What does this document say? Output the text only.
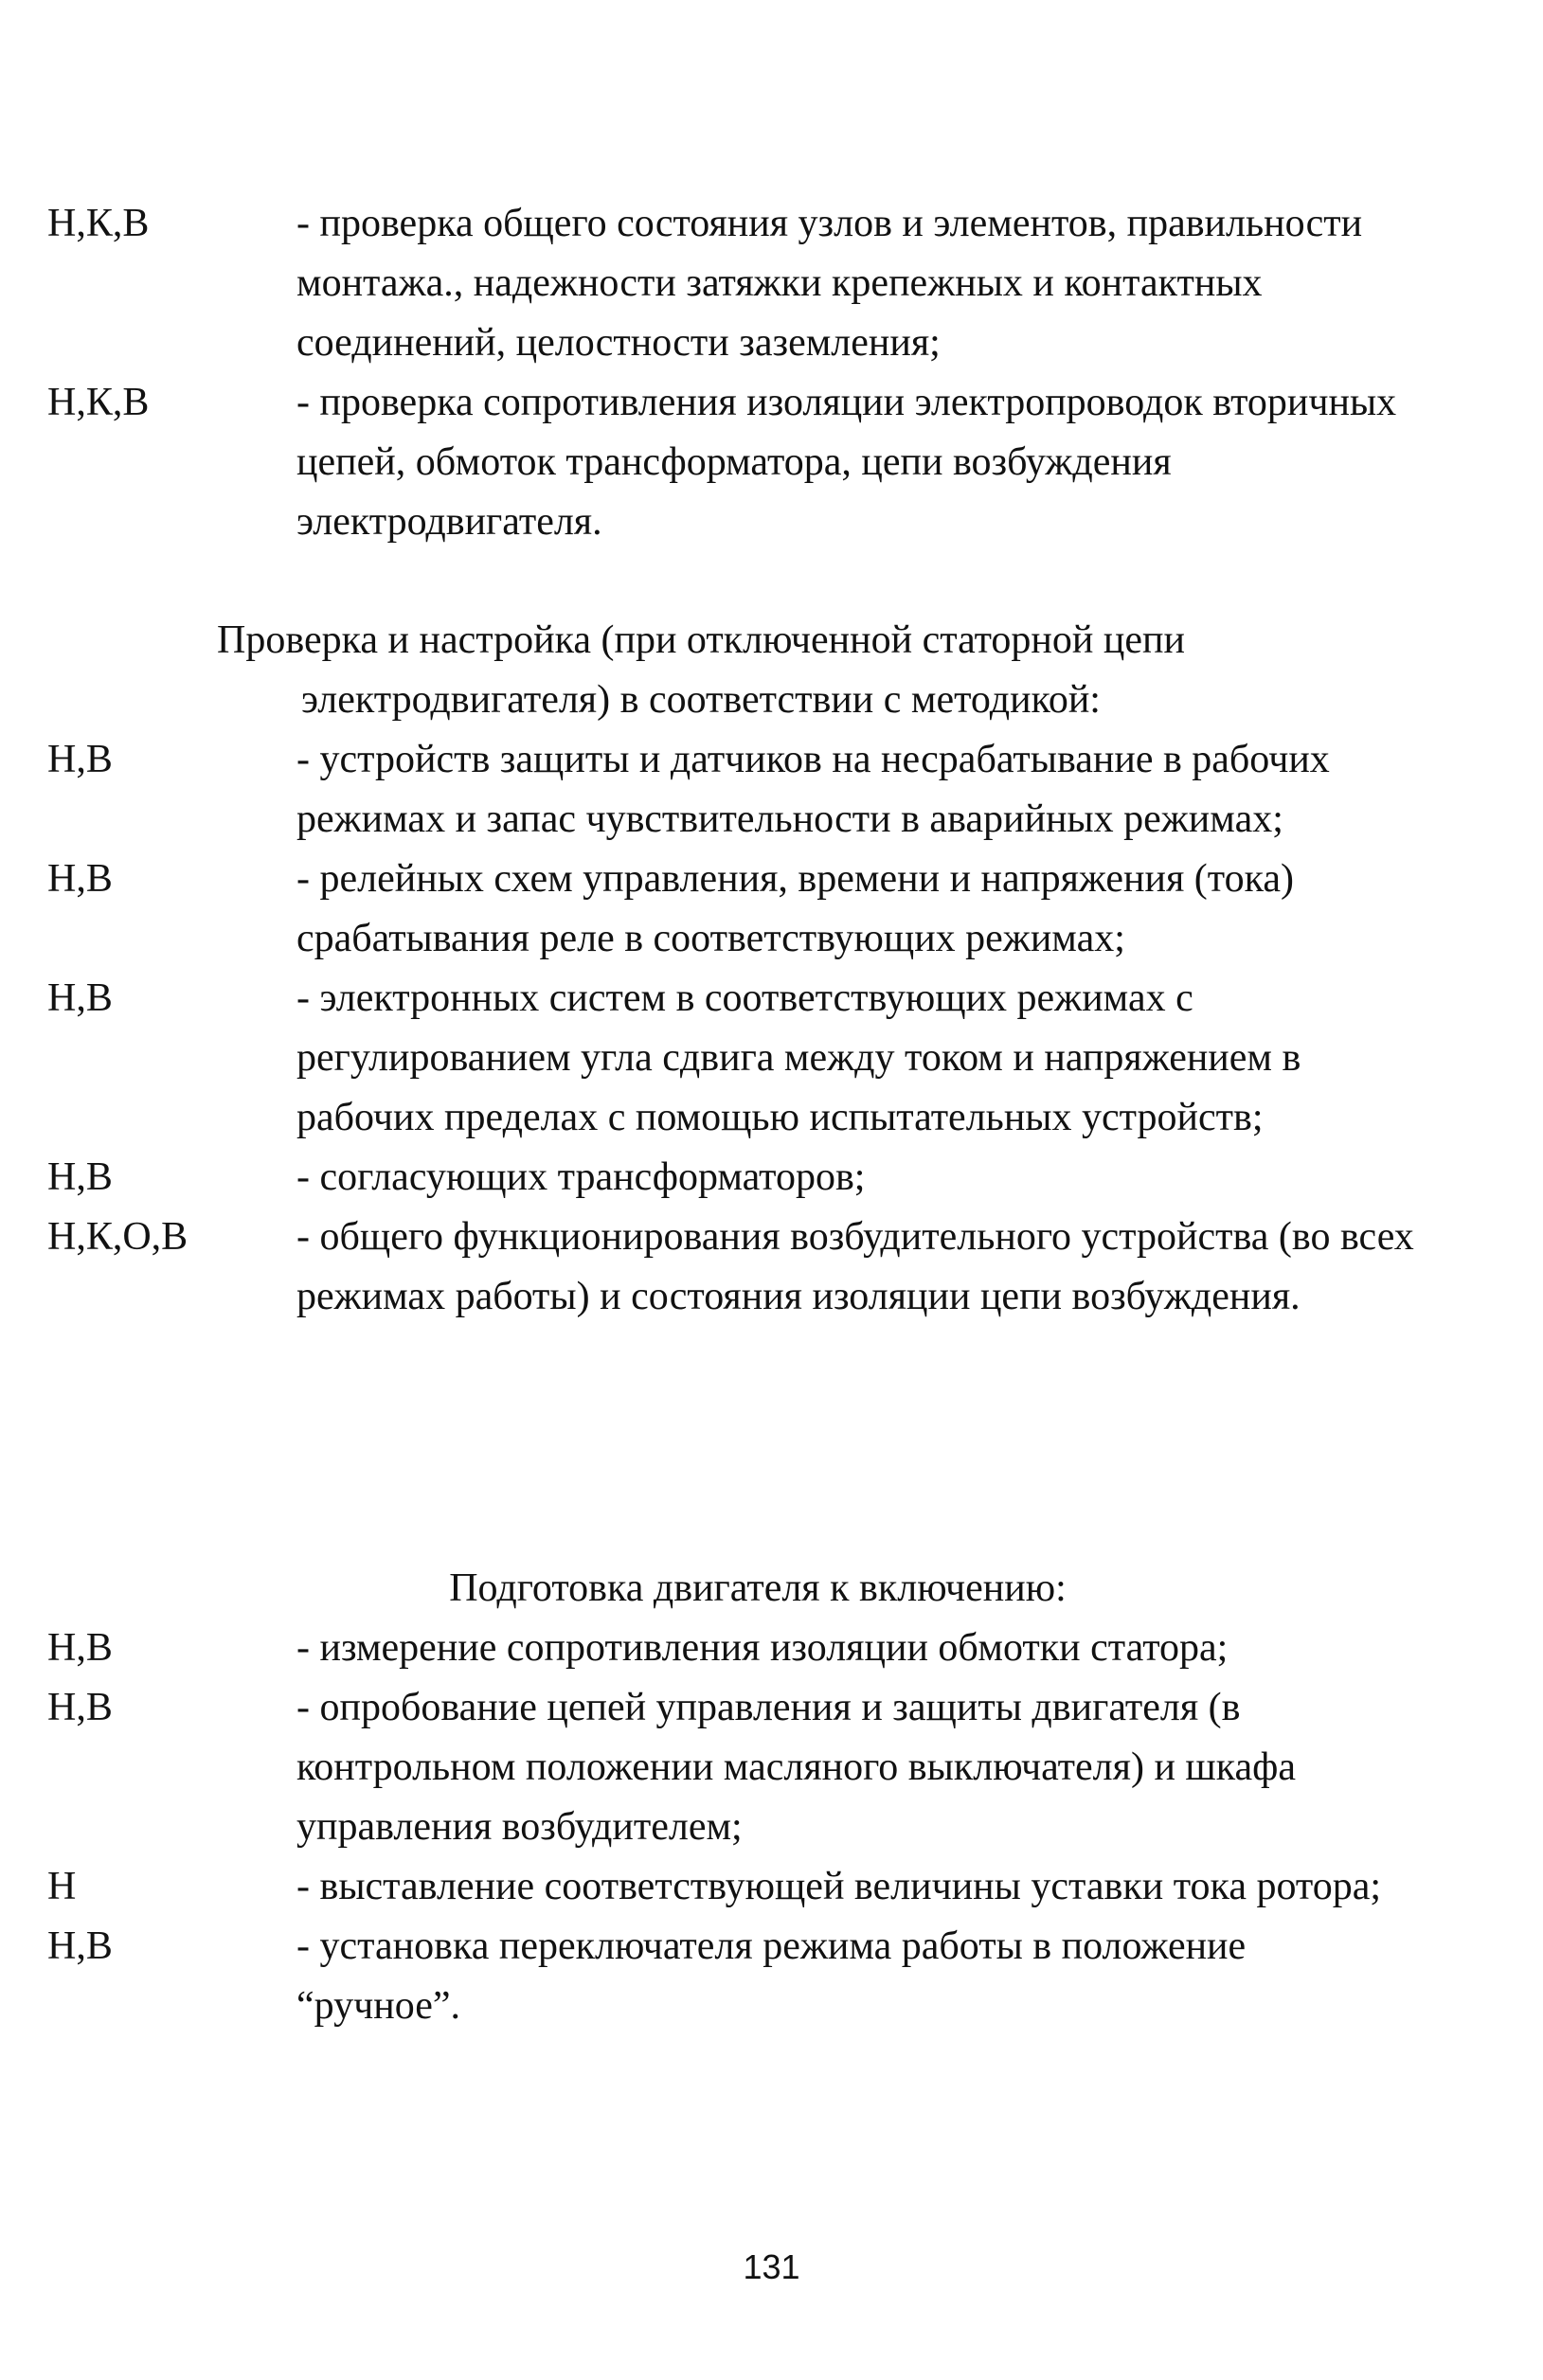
Н,К,В	- проверка общего состояния узлов и элементов, правильности монтажа., надежности затяжки крепежных и контактных соединений, целостности заземления;
Н,К,В	- проверка сопротивления изоляции электропроводок вторичных цепей, обмоток трансформатора, цепи возбуждения электродвигателя.
Проверка и настройка (при отключенной статорной цепи электродвигателя) в соответствии с методикой:
Н,В	- устройств защиты и датчиков на несрабатывание в рабочих режимах и запас чувствительности в аварийных режимах;
Н,В	- релейных схем управления, времени и напряжения (тока) срабатывания реле в соответствующих режимах;
Н,В	- электронных систем в соответствующих режимах с регулированием угла сдвига между током и напряжением в рабочих пределах с помощью испытательных устройств;
Н,В	- согласующих трансформаторов;
Н,К,О,В	- общего функционирования возбудительного устройства (во всех режимах работы) и состояния изоляции цепи возбуждения.
Подготовка двигателя к включению:
Н,В	- измерение сопротивления изоляции обмотки статора;
Н,В	- опробование цепей управления и защиты двигателя (в контрольном положении масляного выключателя) и шкафа управления возбудителем;
Н	- выставление соответствующей величины уставки тока ротора;
Н,В	- установка переключателя режима работы в положение “ручное”.
131
